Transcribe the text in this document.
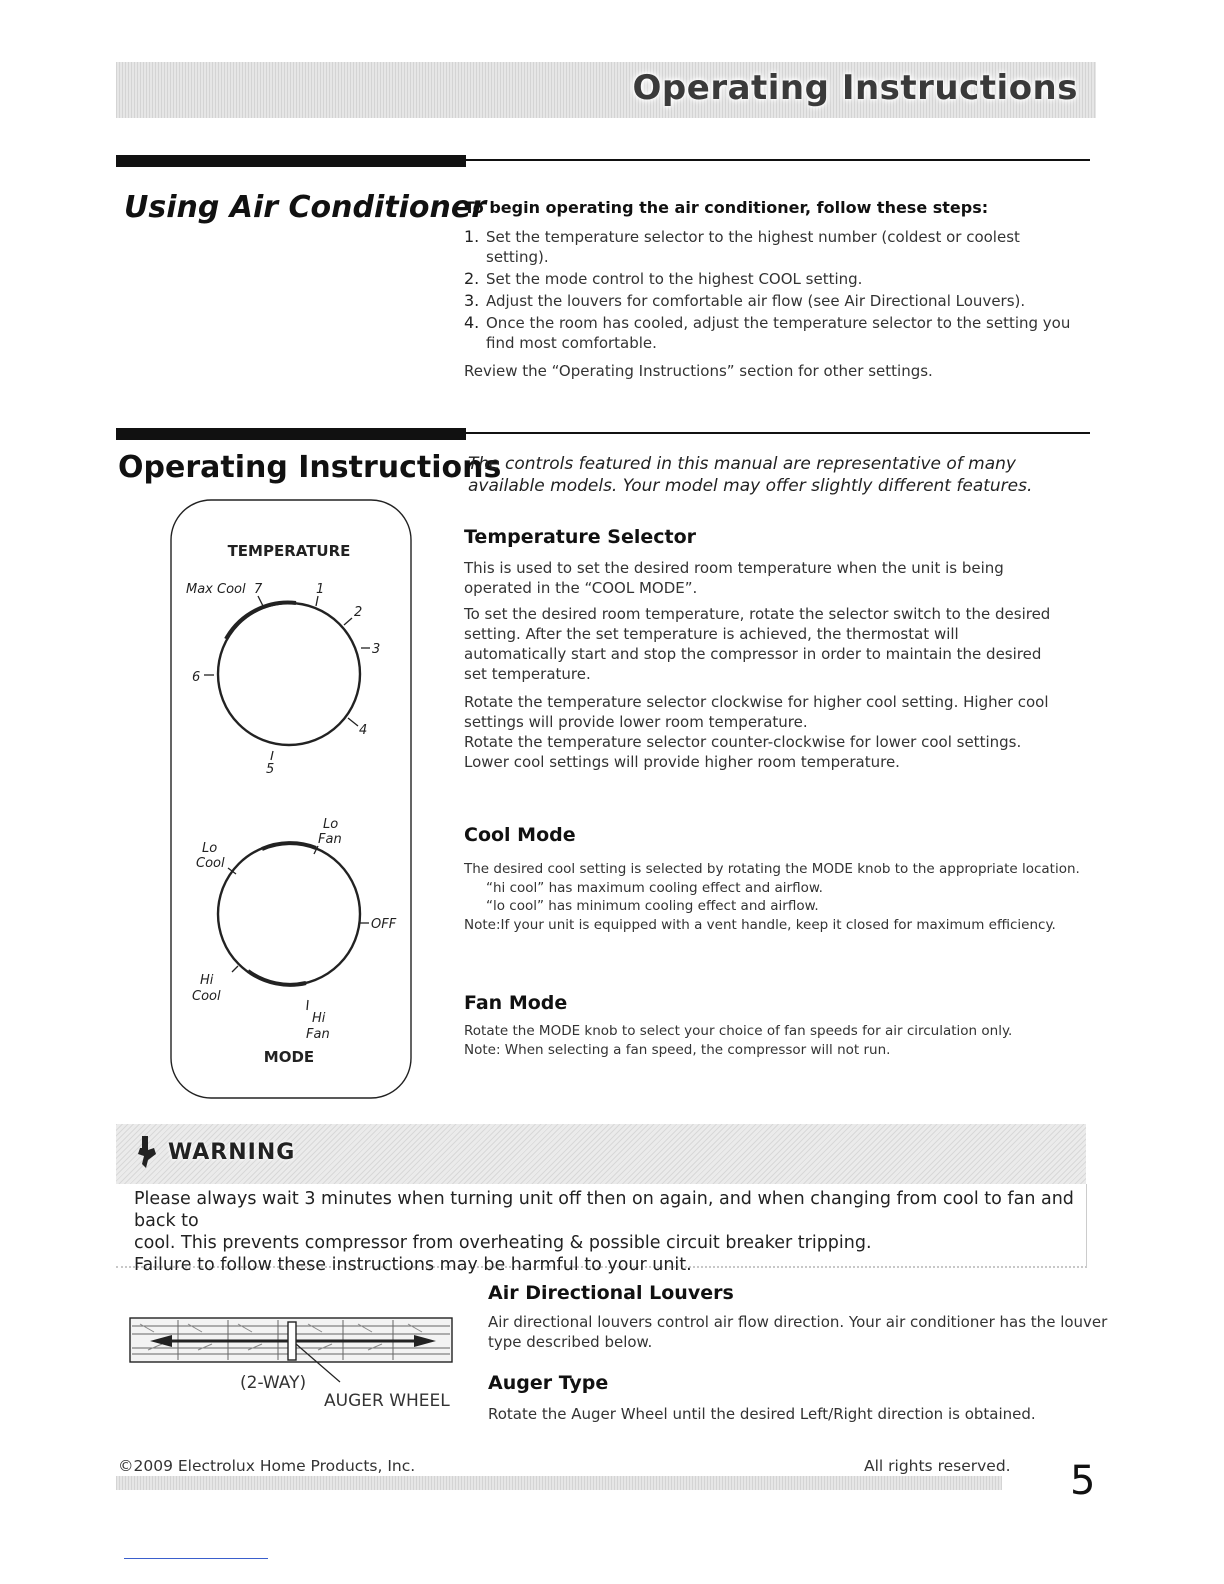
Operating Instructions
Using Air Conditioner
To begin operating the air conditioner, follow these steps:
1. Set the temperature selector to the highest number (coldest or coolest setting).
2. Set the mode control to the highest COOL setting.
3. Adjust the louvers for comfortable air flow (see Air Directional Louvers).
4. Once the room has cooled, adjust the temperature selector to the setting you find most comfortable.
Review the “Operating Instructions” section for other settings.
Operating Instructions
The controls featured in this manual are representative of many available models. Your model may offer slightly different features.
TEMPERATURE
Max Cool 7	1
2
3
4
5
6
Lo
Fan
Lo
Cool
OFF
Hi
Cool
Hi
Fan
MODE
Temperature Selector
This is used to set the desired room temperature when the unit is being operated in the “COOL MODE”.
To set the desired room temperature, rotate the selector switch to the desired setting. After the set temperature is achieved, the thermostat will automatically start and stop the compressor in order to maintain the desired set temperature.
Rotate the temperature selector clockwise for higher cool setting. Higher cool settings will provide lower room temperature.
Rotate the temperature selector counter-clockwise for lower cool settings. Lower cool settings will provide higher room temperature.
Cool Mode
The desired cool setting is selected by rotating the MODE knob to the appropriate location.
“hi cool” has maximum cooling effect and airflow.
“lo cool” has minimum cooling effect and airflow.
Note:If your unit is equipped with a vent handle, keep it closed for maximum efficiency.
Fan Mode
Rotate the MODE knob to select your choice of fan speeds for air circulation only.
Note: When selecting a fan speed, the compressor will not run.
WARNING
Please always wait 3 minutes when turning unit off then on again, and when changing from cool to fan and back to
cool. This prevents compressor from overheating & possible circuit breaker tripping.
Failure to follow these instructions may be harmful to your unit.
(2-WAY)
AUGER WHEEL
Air Directional Louvers
Air directional louvers control air flow direction. Your air conditioner has the louver type described below.
Auger Type
Rotate the Auger Wheel until the desired Left/Right direction is obtained.
©2009 Electrolux Home Products, Inc.	All rights reserved. 5
